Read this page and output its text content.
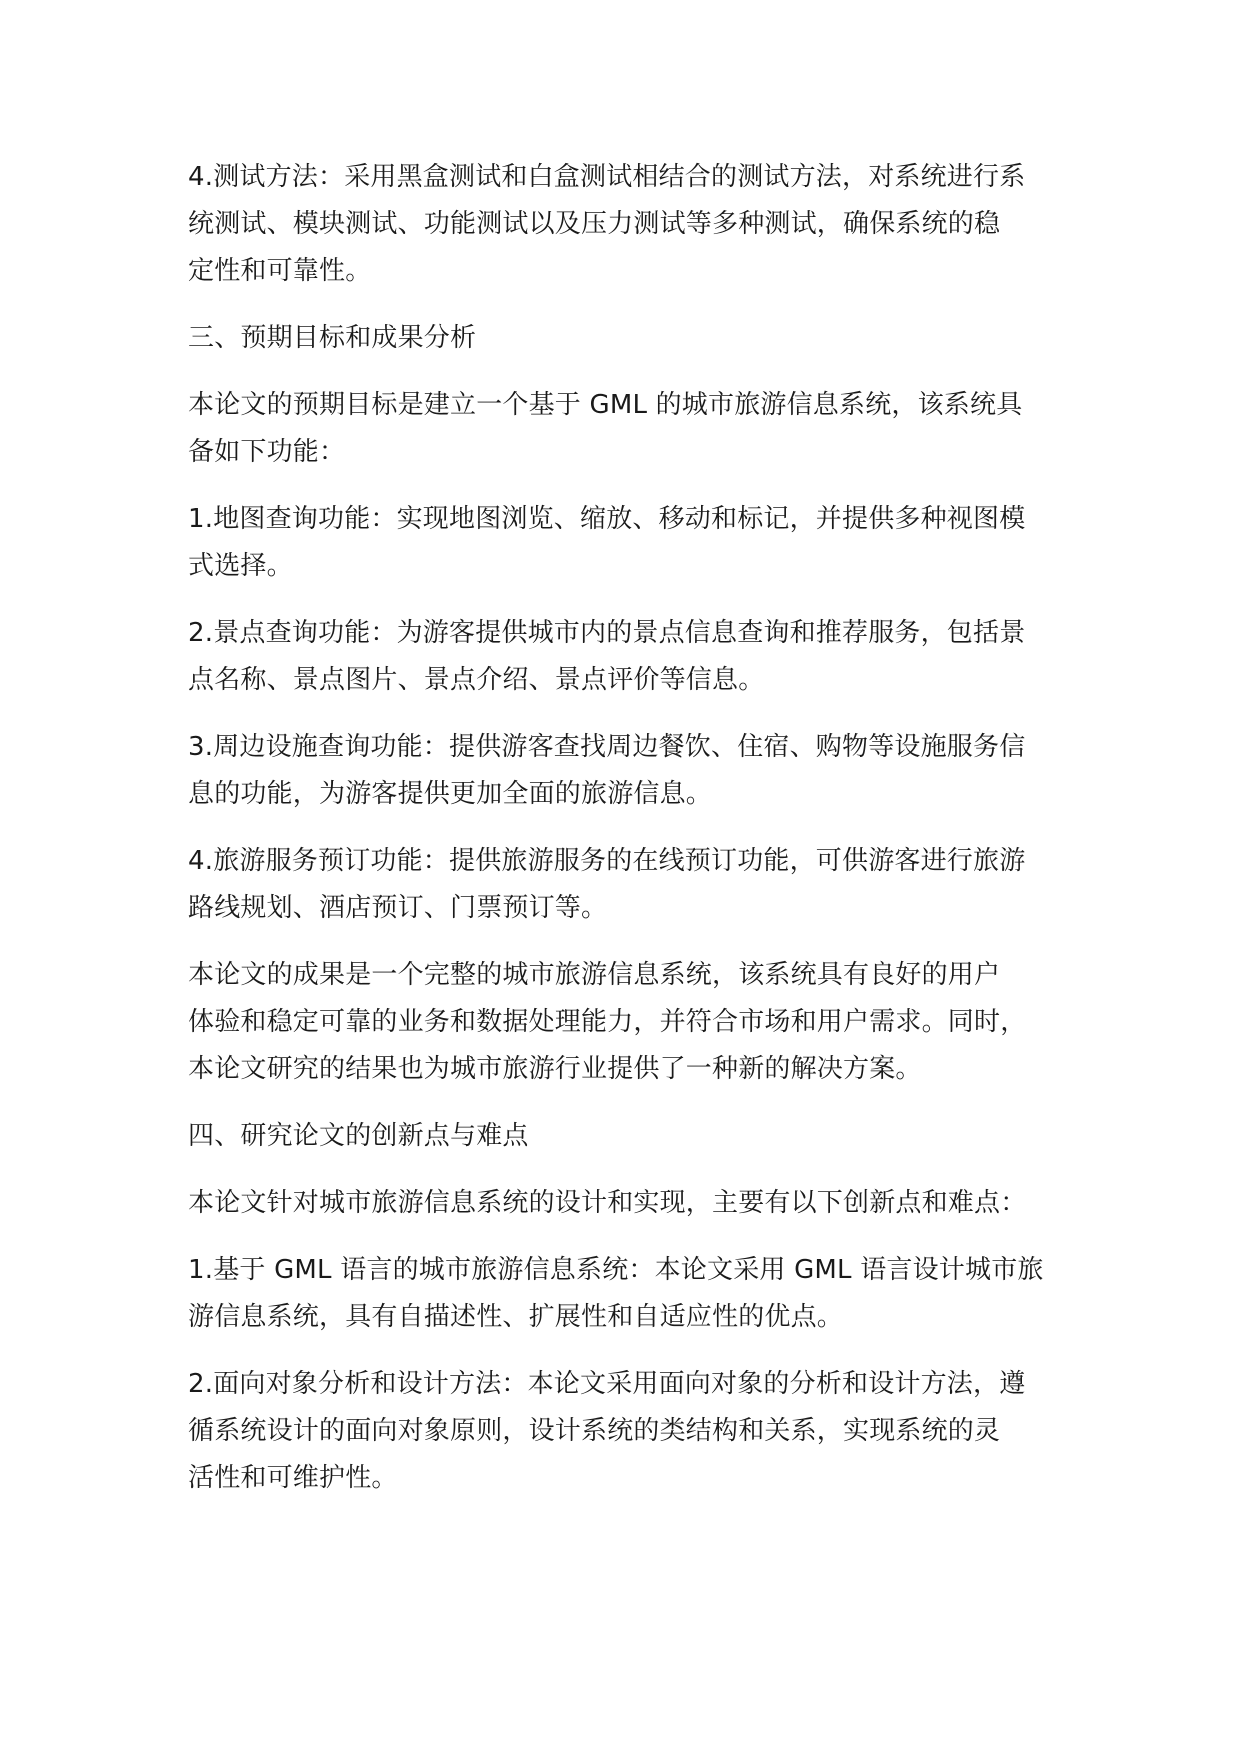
4.测试方法：采用黑盒测试和白盒测试相结合的测试方法，对系统进行系
统测试、模块测试、功能测试以及压力测试等多种测试，确保系统的稳
定性和可靠性。

三、预期目标和成果分析

本论文的预期目标是建立一个基于 GML 的城市旅游信息系统，该系统具
备如下功能：

1.地图查询功能：实现地图浏览、缩放、移动和标记，并提供多种视图模
式选择。

2.景点查询功能：为游客提供城市内的景点信息查询和推荐服务，包括景
点名称、景点图片、景点介绍、景点评价等信息。

3.周边设施查询功能：提供游客查找周边餐饮、住宿、购物等设施服务信
息的功能，为游客提供更加全面的旅游信息。

4.旅游服务预订功能：提供旅游服务的在线预订功能，可供游客进行旅游
路线规划、酒店预订、门票预订等。

本论文的成果是一个完整的城市旅游信息系统，该系统具有良好的用户
体验和稳定可靠的业务和数据处理能力，并符合市场和用户需求。同时，
本论文研究的结果也为城市旅游行业提供了一种新的解决方案。

四、研究论文的创新点与难点

本论文针对城市旅游信息系统的设计和实现，主要有以下创新点和难点：

1.基于 GML 语言的城市旅游信息系统：本论文采用 GML 语言设计城市旅
游信息系统，具有自描述性、扩展性和自适应性的优点。

2.面向对象分析和设计方法：本论文采用面向对象的分析和设计方法，遵
循系统设计的面向对象原则，设计系统的类结构和关系，实现系统的灵
活性和可维护性。
